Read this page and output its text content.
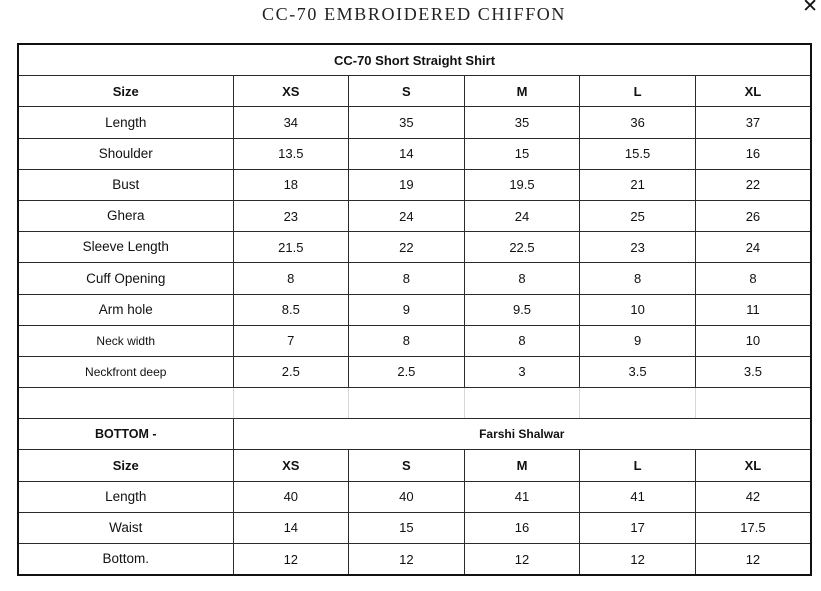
CC-70 EMBROIDERED CHIFFON	✕
CC-70 Short Straight Shirt					
Size	XS	S	M	L	XL
Length	34	35	35	36	37
Shoulder	13.5	14	15	15.5	16
Bust	18	19	19.5	21	22
Ghera	23	24	24	25	26
Sleeve Length	21.5	22	22.5	23	24
Cuff Opening	8	8	8	8	8
Arm hole	8.5	9	9.5	10	11
Neck width	7	8	8	9	10
Neckfront deep	2.5	2.5	3	3.5	3.5

BOTTOM -	Farshi Shalwar				
Size	XS	S	M	L	XL
Length	40	40	41	41	42
Waist	14	15	16	17	17.5
Bottom.	12	12	12	12	12
